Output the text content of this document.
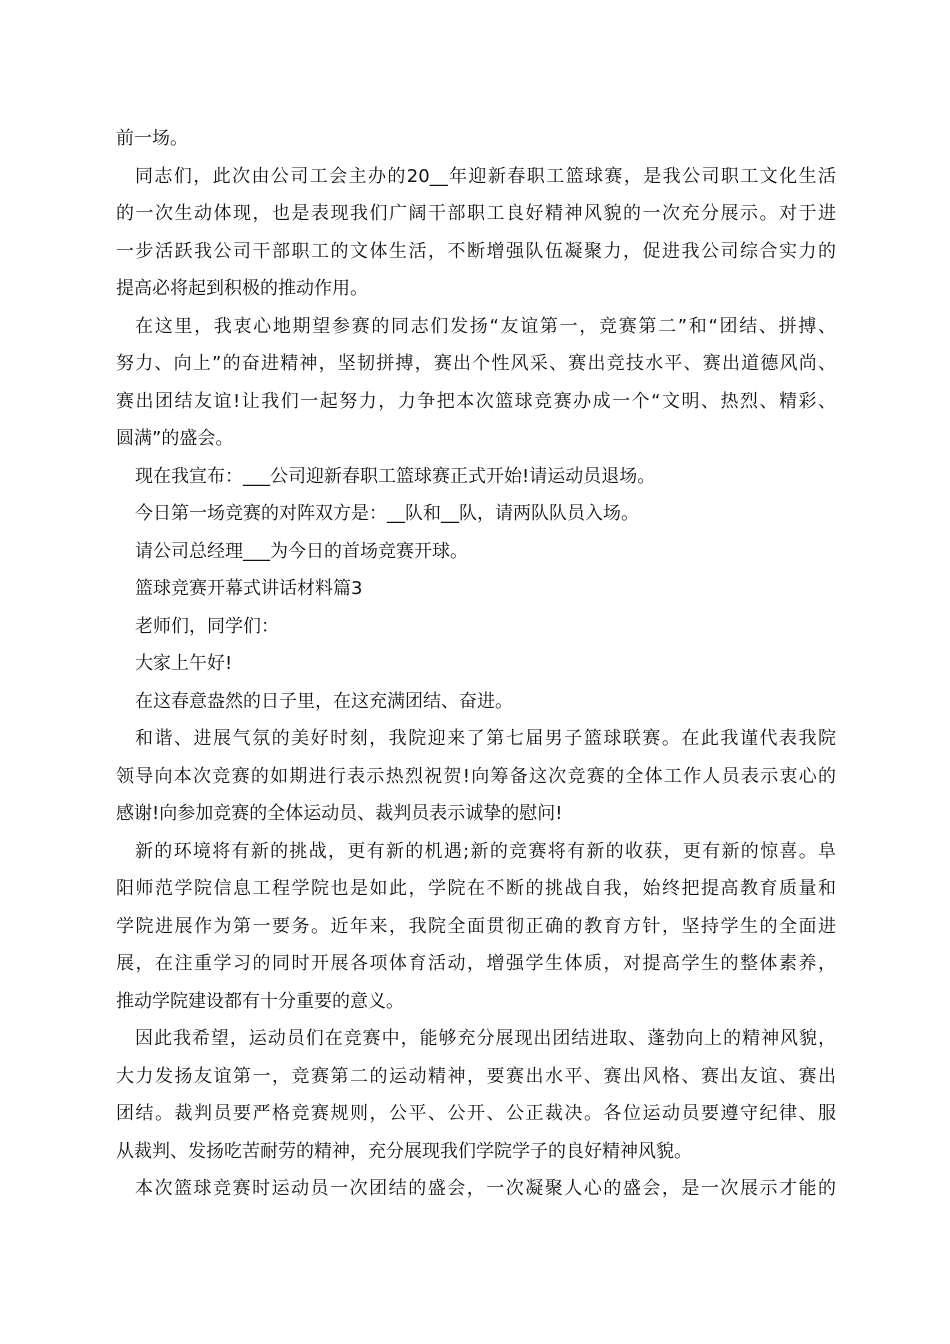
前一场。
同志们，此次由公司工会主办的20__年迎新春职工篮球赛，是我公司职工文化生活
的一次生动体现，也是表现我们广阔干部职工良好精神风貌的一次充分展示。对于进
一步活跃我公司干部职工的文体生活，不断增强队伍凝聚力，促进我公司综合实力的
提高必将起到积极的推动作用。
在这里，我衷心地期望参赛的同志们发扬“友谊第一，竞赛第二”和“团结、拼搏、
努力、向上”的奋进精神，坚韧拼搏，赛出个性风采、赛出竞技水平、赛出道德风尚、
赛出团结友谊!让我们一起努力，力争把本次篮球竞赛办成一个“文明、热烈、精彩、
圆满”的盛会。
现在我宣布：___公司迎新春职工篮球赛正式开始!请运动员退场。
今日第一场竞赛的对阵双方是：__队和__队，请两队队员入场。
请公司总经理___为今日的首场竞赛开球。
篮球竞赛开幕式讲话材料篇3
老师们，同学们：
大家上午好!
在这春意盎然的日子里，在这充满团结、奋进。
和谐、进展气氛的美好时刻，我院迎来了第七届男子篮球联赛。在此我谨代表我院
领导向本次竞赛的如期进行表示热烈祝贺!向筹备这次竞赛的全体工作人员表示衷心的
感谢!向参加竞赛的全体运动员、裁判员表示诚挚的慰问!
新的环境将有新的挑战，更有新的机遇;新的竞赛将有新的收获，更有新的惊喜。阜
阳师范学院信息工程学院也是如此，学院在不断的挑战自我，始终把提高教育质量和
学院进展作为第一要务。近年来，我院全面贯彻正确的教育方针，坚持学生的全面进
展，在注重学习的同时开展各项体育活动，增强学生体质，对提高学生的整体素养，
推动学院建设都有十分重要的意义。
因此我希望，运动员们在竞赛中，能够充分展现出团结进取、蓬勃向上的精神风貌，
大力发扬友谊第一，竞赛第二的运动精神，要赛出水平、赛出风格、赛出友谊、赛出
团结。裁判员要严格竞赛规则，公平、公开、公正裁决。各位运动员要遵守纪律、服
从裁判、发扬吃苦耐劳的精神，充分展现我们学院学子的良好精神风貌。
本次篮球竞赛时运动员一次团结的盛会，一次凝聚人心的盛会，是一次展示才能的
